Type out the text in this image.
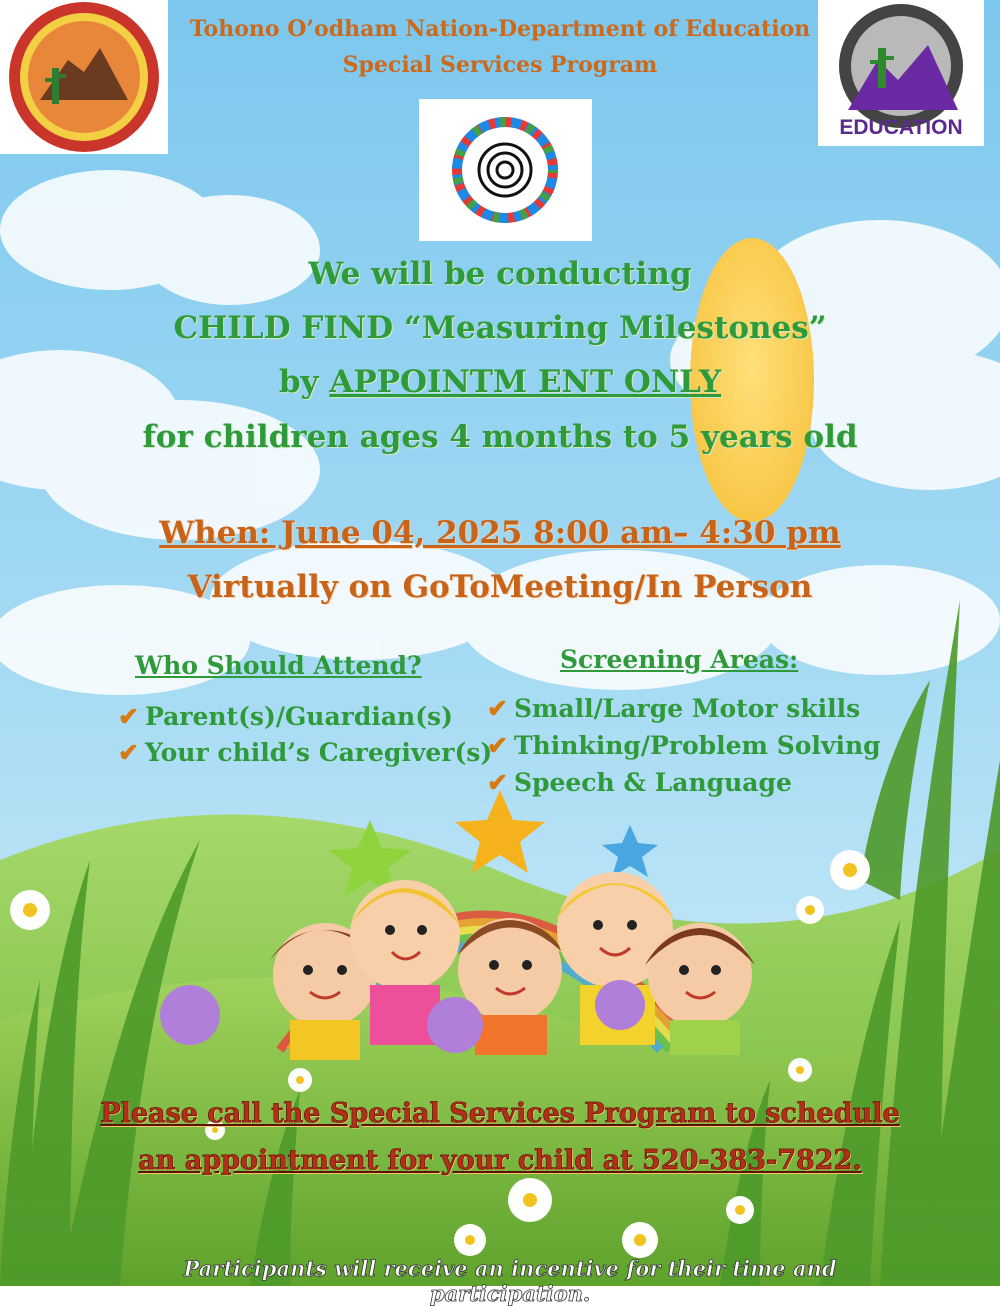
EDUCATION
Tohono O’odham Nation-Department of Education
Special Services Program
We will be conducting
CHILD FIND “Measuring Milestones”
by APPOINTM ENT ONLY
for children ages 4 months to 5 years old
When: June 04, 2025 8:00 am– 4:30 pm
Virtually on GoToMeeting/In Person
Who Should Attend?
✔ Parent(s)/Guardian(s)
✔ Your child’s Caregiver(s)
Screening Areas:
✔ Small/Large Motor skills
✔ Thinking/Problem Solving
✔ Speech & Language
Please call the Special Services Program to schedule
an appointment for your child at 520-383-7822.
Participants will receive an incentive for their time and participation.
